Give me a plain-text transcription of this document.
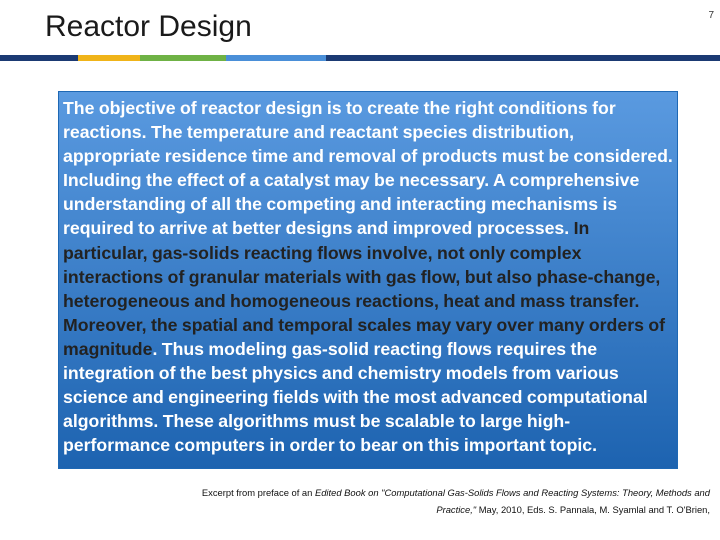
Reactor Design	7

The objective of reactor design is to create the right conditions for reactions. The temperature and reactant species distribution, appropriate residence time and removal of products must be considered. Including the effect of a catalyst may be necessary. A comprehensive understanding of all the competing and interacting mechanisms is required to arrive at better designs and improved processes. In particular, gas-solids reacting flows involve, not only complex interactions of granular materials with gas flow, but also phase-change, heterogeneous and homogeneous reactions, heat and mass transfer. Moreover, the spatial and temporal scales may vary over many orders of magnitude. Thus modeling gas-solid reacting flows requires the integration of the best physics and chemistry models from various science and engineering fields with the most advanced computational algorithms. These algorithms must be scalable to large high-performance computers in order to bear on this important topic.

Excerpt from preface of an Edited Book on "Computational Gas-Solids Flows and Reacting Systems: Theory, Methods and Practice," May, 2010, Eds. S. Pannala, M. Syamlal and T. O'Brien,
